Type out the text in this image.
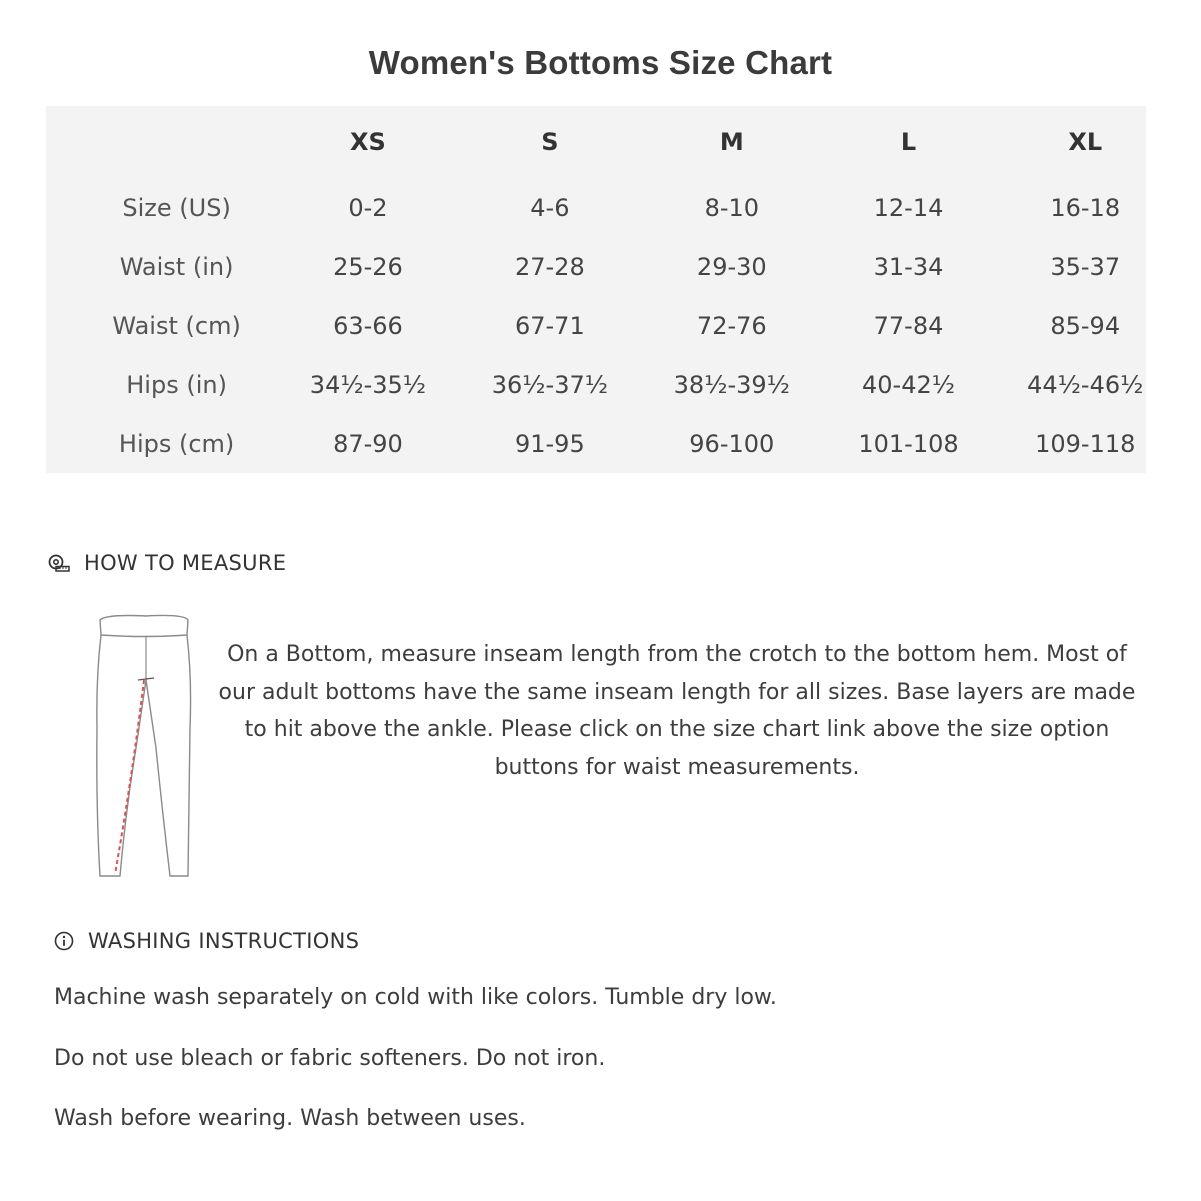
Women's Bottoms Size Chart
	XS	S	M	L	XL
Size (US)	0-2	4-6	8-10	12-14	16-18
Waist (in)	25-26	27-28	29-30	31-34	35-37
Waist (cm)	63-66	67-71	72-76	77-84	85-94
Hips (in)	34½-35½	36½-37½	38½-39½	40-42½	44½-46½
Hips (cm)	87-90	91-95	96-100	101-108	109-118
HOW TO MEASURE
On a Bottom, measure inseam length from the crotch to the bottom hem. Most of our adult bottoms have the same inseam length for all sizes. Base layers are made to hit above the ankle. Please click on the size chart link above the size option buttons for waist measurements.
WASHING INSTRUCTIONS
Machine wash separately on cold with like colors. Tumble dry low.
Do not use bleach or fabric softeners. Do not iron.
Wash before wearing. Wash between uses.
